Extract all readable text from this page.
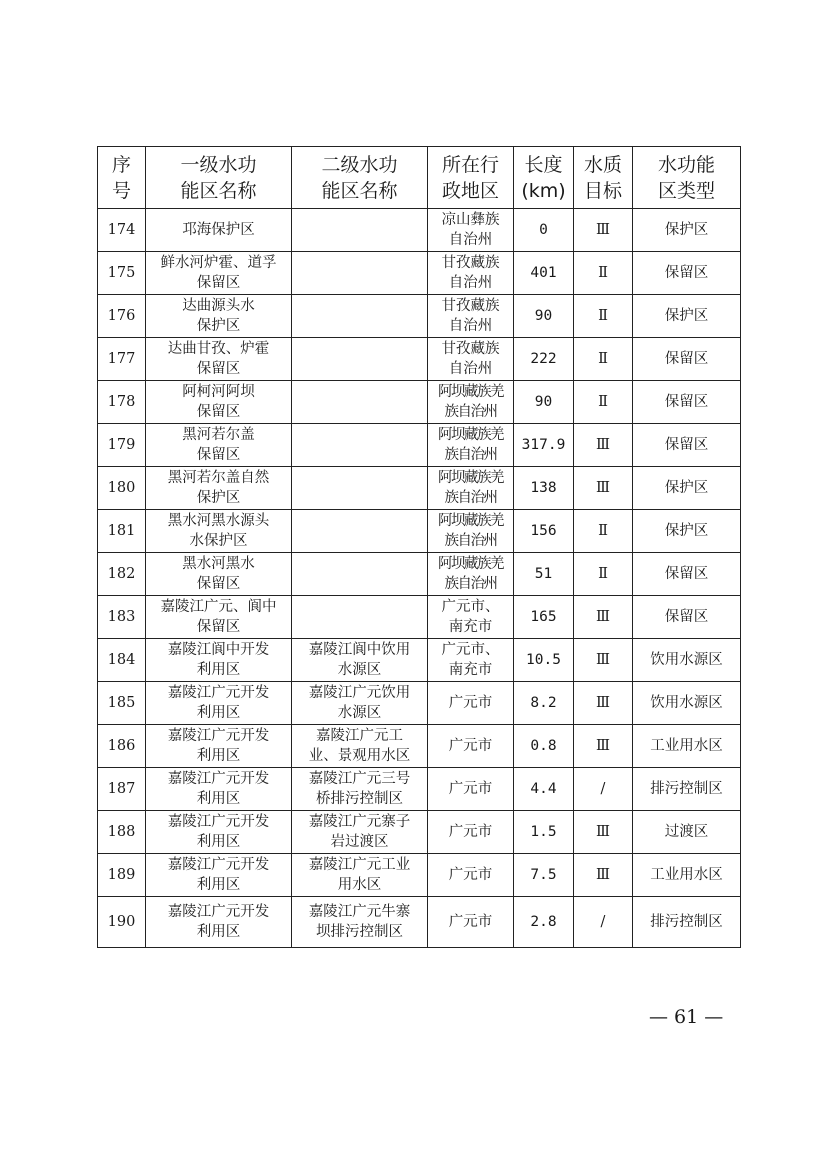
序
号	一级水功
能区名称	二级水功
能区名称	所在行
政地区	长度
(km)	水质
目标	水功能
区类型

174	邛海保护区		凉山彝族
自治州	0	Ⅲ	保护区

175	鲜水河炉霍、道孚
保留区		甘孜藏族
自治州	401	Ⅱ	保留区

176	达曲源头水
保护区		甘孜藏族
自治州	90	Ⅱ	保护区

177	达曲甘孜、炉霍
保留区		甘孜藏族
自治州	222	Ⅱ	保留区

178	阿柯河阿坝
保留区		阿坝藏族羌
族自治州	90	Ⅱ	保留区

179	黑河若尔盖
保留区		阿坝藏族羌
族自治州	317.9	Ⅲ	保留区

180	黑河若尔盖自然
保护区		阿坝藏族羌
族自治州	138	Ⅲ	保护区

181	黑水河黑水源头
水保护区		阿坝藏族羌
族自治州	156	Ⅱ	保护区

182	黑水河黑水
保留区		阿坝藏族羌
族自治州	51	Ⅱ	保留区

183	嘉陵江广元、阆中
保留区		广元市、
南充市	165	Ⅲ	保留区

184	嘉陵江阆中开发
利用区	嘉陵江阆中饮用
水源区	广元市、
南充市	10.5	Ⅲ	饮用水源区

185	嘉陵江广元开发
利用区	嘉陵江广元饮用
水源区	广元市	8.2	Ⅲ	饮用水源区

186	嘉陵江广元开发
利用区	嘉陵江广元工
业、景观用水区	广元市	0.8	Ⅲ	工业用水区

187	嘉陵江广元开发
利用区	嘉陵江广元三号
桥排污控制区	广元市	4.4	/	排污控制区

188	嘉陵江广元开发
利用区	嘉陵江广元寨子
岩过渡区	广元市	1.5	Ⅲ	过渡区

189	嘉陵江广元开发
利用区	嘉陵江广元工业
用水区	广元市	7.5	Ⅲ	工业用水区

190	嘉陵江广元开发
利用区	嘉陵江广元牛寨
坝排污控制区	广元市	2.8	/	排污控制区
— 61 —
